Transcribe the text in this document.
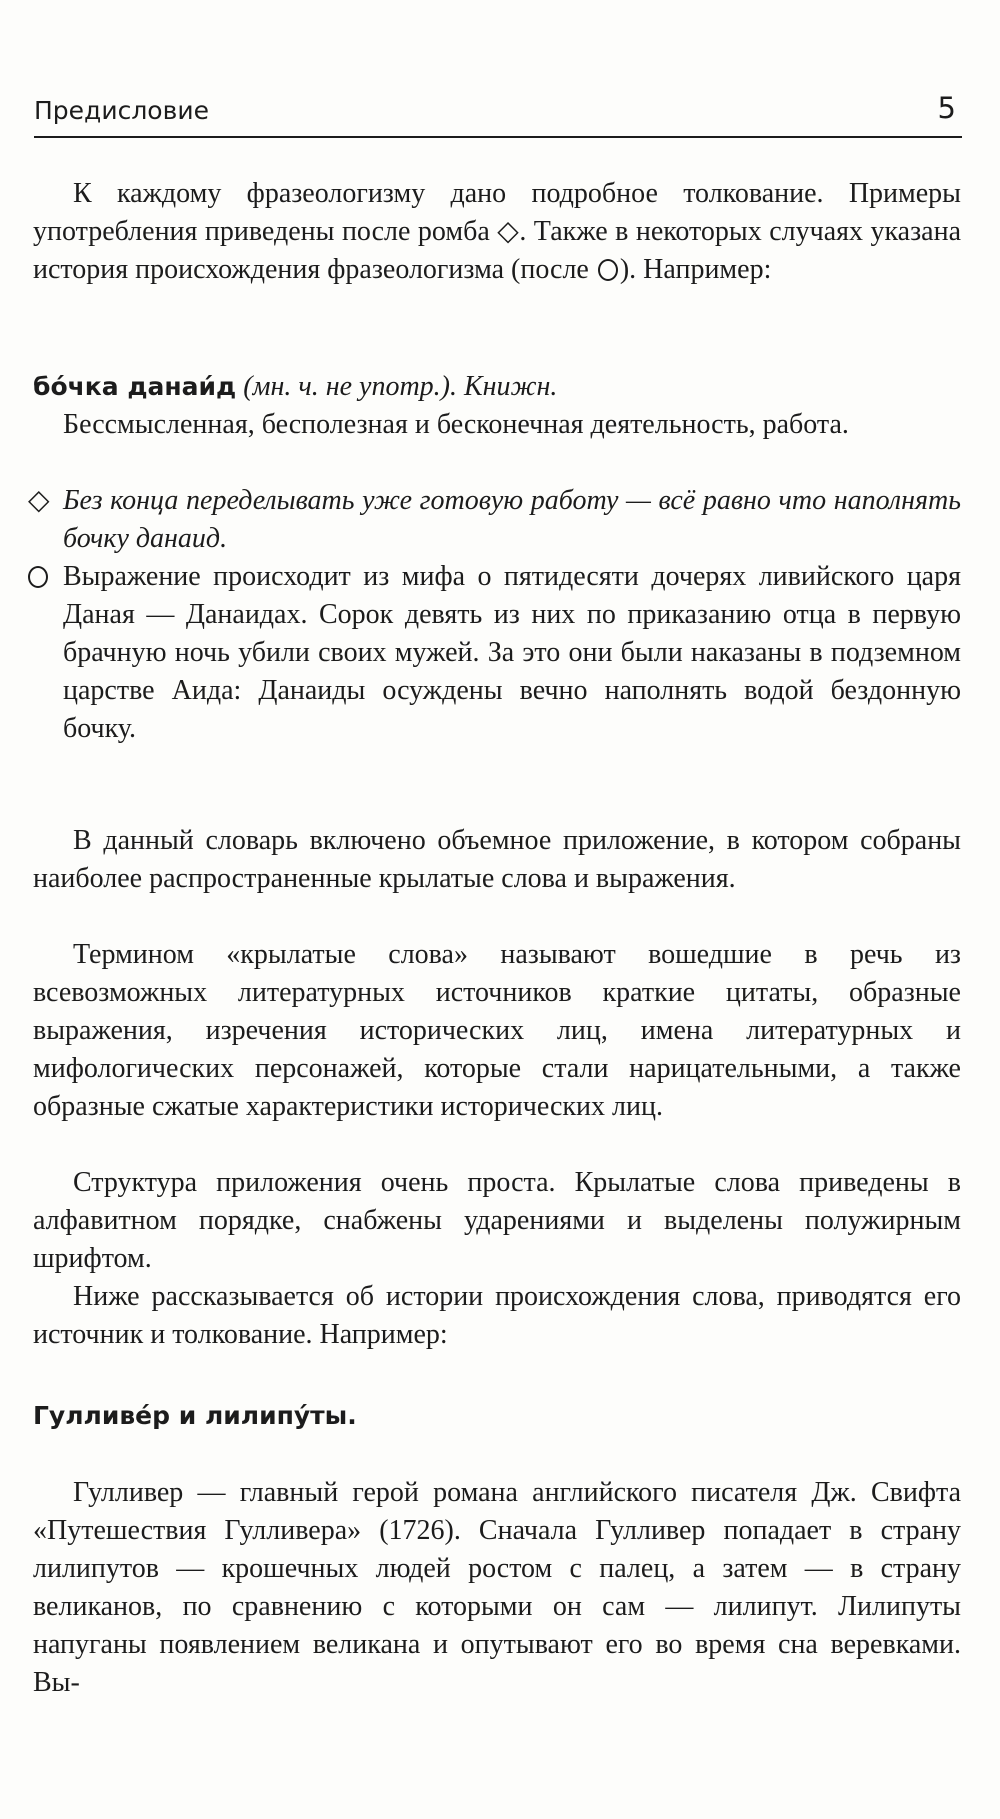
Предисловие	5

К каждому фразеологизму дано подробное толкование. Примеры употребления приведены после ромба ◇. Также в некоторых случаях указана история происхождения фразеологизма (после ). Например:

бо́чка данаи́д (мн. ч. не употр.). Книжн.
Бессмысленная, бесполезная и бесконечная деятельность, работа.
◇ Без конца переделывать уже готовую работу — всё равно что наполнять бочку данаид.
Выражение происходит из мифа о пятидесяти дочерях ливийского царя Даная — Данаидах. Сорок девять из них по приказанию отца в первую брачную ночь убили своих мужей. За это они были наказаны в подземном царстве Аида: Данаиды осуждены вечно наполнять водой бездонную бочку.

В данный словарь включено объемное приложение, в котором собраны наиболее распространенные крылатые слова и выражения.

Термином «крылатые слова» называют вошедшие в речь из всевозможных литературных источников краткие цитаты, образные выражения, изречения исторических лиц, имена литературных и мифологических персонажей, которые стали нарицательными, а также образные сжатые характеристики исторических лиц.

Структура приложения очень проста. Крылатые слова приведены в алфавитном порядке, снабжены ударениями и выделены полужирным шрифтом.

Ниже рассказывается об истории происхождения слова, приводятся его источник и толкование. Например:

Гулливе́р и лилипу́ты.

Гулливер — главный герой романа английского писателя Дж. Свифта «Путешествия Гулливера» (1726). Сначала Гулливер попадает в страну лилипутов — крошечных людей ростом с палец, а затем — в страну великанов, по сравнению с которыми он сам — лилипут. Лилипуты напуганы появлением великана и опутывают его во время сна веревками. Вы-
